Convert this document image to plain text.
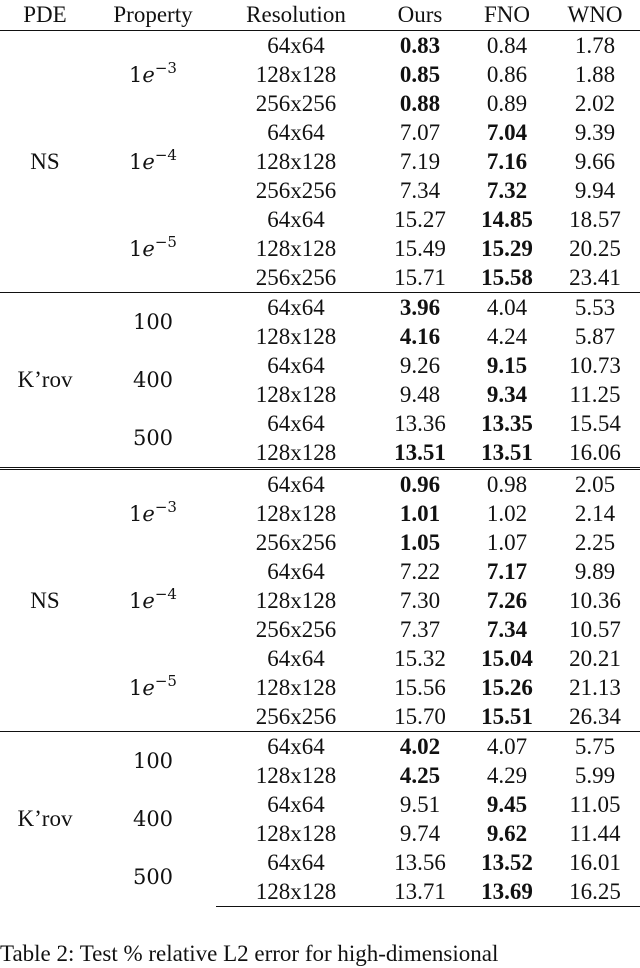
PDE	Property	Resolution	Ours	FNO	WNO
NS	$1e^{-3}$	64x64	0.83	0.84	1.78
		128x128	0.85	0.86	1.88
		256x256	0.88	0.89	2.02
	$1e^{-4}$	64x64	7.07	7.04	9.39
		128x128	7.19	7.16	9.66
		256x256	7.34	7.32	9.94
	$1e^{-5}$	64x64	15.27	14.85	18.57
		128x128	15.49	15.29	20.25
		256x256	15.71	15.58	23.41
K’rov	100	64x64	3.96	4.04	5.53
		128x128	4.16	4.24	5.87
	400	64x64	9.26	9.15	10.73
		128x128	9.48	9.34	11.25
	500	64x64	13.36	13.35	15.54
		128x128	13.51	13.51	16.06
NS	$1e^{-3}$	64x64	0.96	0.98	2.05
		128x128	1.01	1.02	2.14
		256x256	1.05	1.07	2.25
	$1e^{-4}$	64x64	7.22	7.17	9.89
		128x128	7.30	7.26	10.36
		256x256	7.37	7.34	10.57
	$1e^{-5}$	64x64	15.32	15.04	20.21
		128x128	15.56	15.26	21.13
		256x256	15.70	15.51	26.34
K’rov	100	64x64	4.02	4.07	5.75
		128x128	4.25	4.29	5.99
	400	64x64	9.51	9.45	11.05
		128x128	9.74	9.62	11.44
	500	64x64	13.56	13.52	16.01
		128x128	13.71	13.69	16.25
Table 2: Test % relative L2 error for high-dimensional
